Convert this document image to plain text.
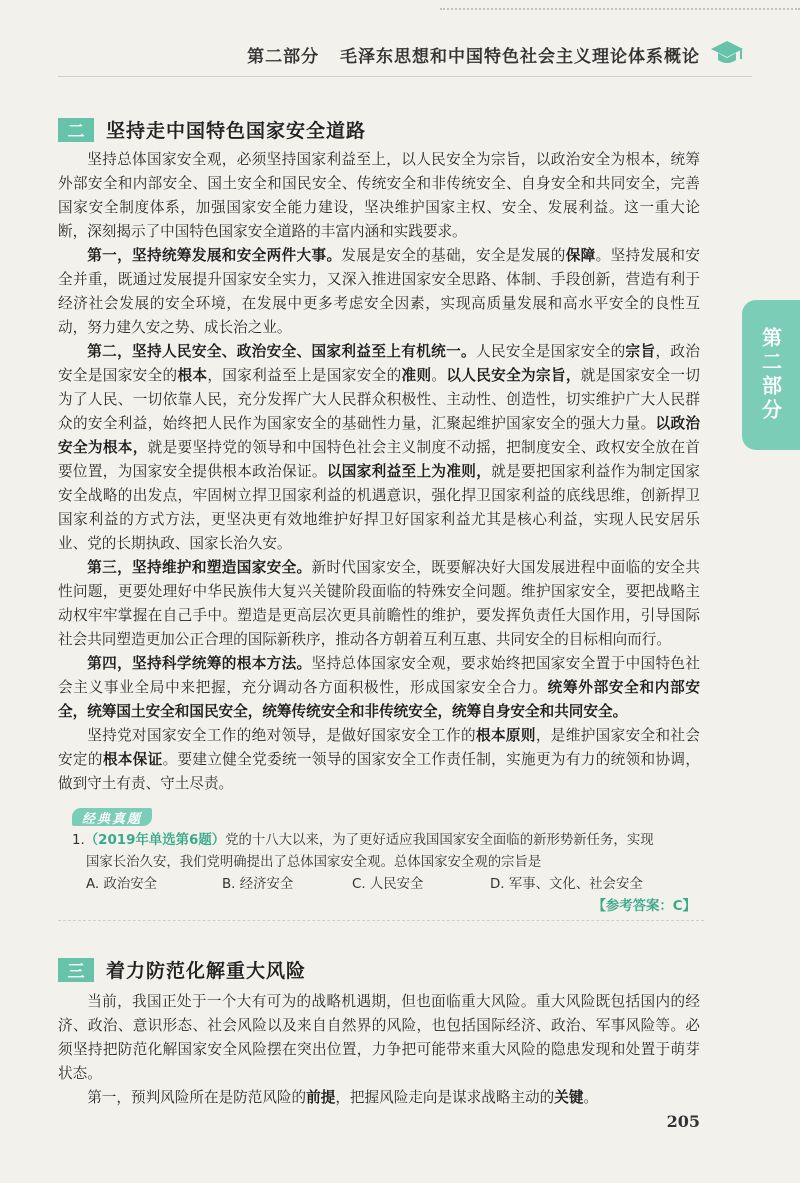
第二部分 毛泽东思想和中国特色社会主义理论体系概论
第二部分
二	坚持走中国特色国家安全道路

坚持总体国家安全观，必须坚持国家利益至上，以人民安全为宗旨，以政治安全为根本，统筹外部安全和内部安全、国土安全和国民安全、传统安全和非传统安全、自身安全和共同安全，完善国家安全制度体系，加强国家安全能力建设，坚决维护国家主权、安全、发展利益。这一重大论断，深刻揭示了中国特色国家安全道路的丰富内涵和实践要求。

第一，坚持统筹发展和安全两件大事。发展是安全的基础，安全是发展的保障。坚持发展和安全并重，既通过发展提升国家安全实力，又深入推进国家安全思路、体制、手段创新，营造有利于经济社会发展的安全环境，在发展中更多考虑安全因素，实现高质量发展和高水平安全的良性互动，努力建久安之势、成长治之业。

第二，坚持人民安全、政治安全、国家利益至上有机统一。人民安全是国家安全的宗旨，政治安全是国家安全的根本，国家利益至上是国家安全的准则。以人民安全为宗旨，就是国家安全一切为了人民、一切依靠人民，充分发挥广大人民群众积极性、主动性、创造性，切实维护广大人民群众的安全利益，始终把人民作为国家安全的基础性力量，汇聚起维护国家安全的强大力量。以政治安全为根本，就是要坚持党的领导和中国特色社会主义制度不动摇，把制度安全、政权安全放在首要位置，为国家安全提供根本政治保证。以国家利益至上为准则，就是要把国家利益作为制定国家安全战略的出发点，牢固树立捍卫国家利益的机遇意识，强化捍卫国家利益的底线思维，创新捍卫国家利益的方式方法，更坚决更有效地维护好捍卫好国家利益尤其是核心利益，实现人民安居乐业、党的长期执政、国家长治久安。

第三，坚持维护和塑造国家安全。新时代国家安全，既要解决好大国发展进程中面临的安全共性问题，更要处理好中华民族伟大复兴关键阶段面临的特殊安全问题。维护国家安全，要把战略主动权牢牢掌握在自己手中。塑造是更高层次更具前瞻性的维护，要发挥负责任大国作用，引导国际社会共同塑造更加公正合理的国际新秩序，推动各方朝着互利互惠、共同安全的目标相向而行。

第四，坚持科学统筹的根本方法。坚持总体国家安全观，要求始终把国家安全置于中国特色社会主义事业全局中来把握，充分调动各方面积极性，形成国家安全合力。统筹外部安全和内部安全，统筹国土安全和国民安全，统筹传统安全和非传统安全，统筹自身安全和共同安全。

坚持党对国家安全工作的绝对领导，是做好国家安全工作的根本原则，是维护国家安全和社会安定的根本保证。要建立健全党委统一领导的国家安全工作责任制，实施更为有力的统领和协调，做到守土有责、守土尽责。

经典真题
1.（2019年单选第6题）党的十八大以来，为了更好适应我国国家安全面临的新形势新任务，实现
国家长治久安，我们党明确提出了总体国家安全观。总体国家安全观的宗旨是
A. 政治安全	B. 经济安全	C. 人民安全	D. 军事、文化、社会安全
【参考答案：C】
三	着力防范化解重大风险

当前，我国正处于一个大有可为的战略机遇期，但也面临重大风险。重大风险既包括国内的经济、政治、意识形态、社会风险以及来自自然界的风险，也包括国际经济、政治、军事风险等。必须坚持把防范化解国家安全风险摆在突出位置，力争把可能带来重大风险的隐患发现和处置于萌芽状态。

第一，预判风险所在是防范风险的前提，把握风险走向是谋求战略主动的关键。

205
